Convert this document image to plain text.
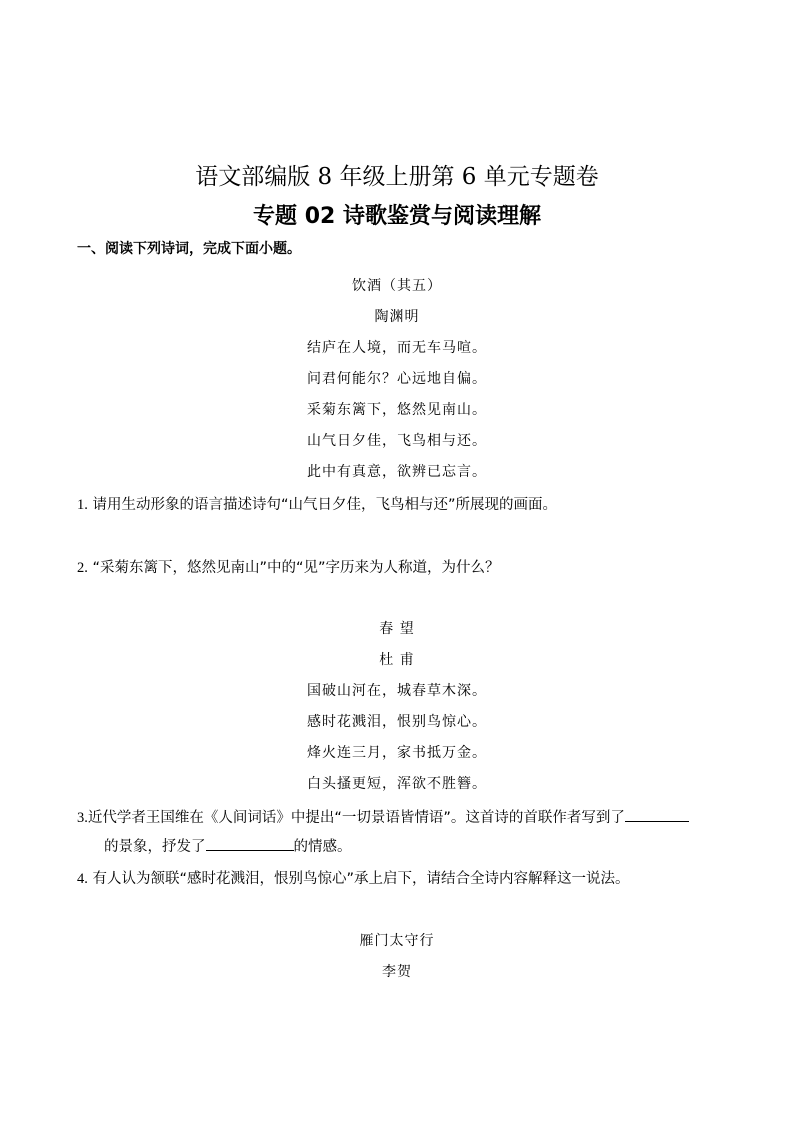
语文部编版 8 年级上册第 6 单元专题卷
专题 02 诗歌鉴赏与阅读理解
一、阅读下列诗词，完成下面小题。
饮酒（其五）
陶渊明
结庐在人境，而无车马喧。
问君何能尔？心远地自偏。
采菊东篱下，悠然见南山。
山气日夕佳，飞鸟相与还。
此中有真意，欲辨已忘言。
1. 请用生动形象的语言描述诗句“山气日夕佳，飞鸟相与还”所展现的画面。
2. “采菊东篱下，悠然见南山”中的“见”字历来为人称道，为什么？
春 望
杜 甫
国破山河在，城春草木深。
感时花溅泪，恨别鸟惊心。
烽火连三月，家书抵万金。
白头搔更短，浑欲不胜簪。
3.近代学者王国维在《人间词话》中提出“一切景语皆情语”。这首诗的首联作者写到了
的景象，抒发了	的情感。
4. 有人认为颔联“感时花溅泪，恨别鸟惊心”承上启下，请结合全诗内容解释这一说法。
雁门太守行
李贺
